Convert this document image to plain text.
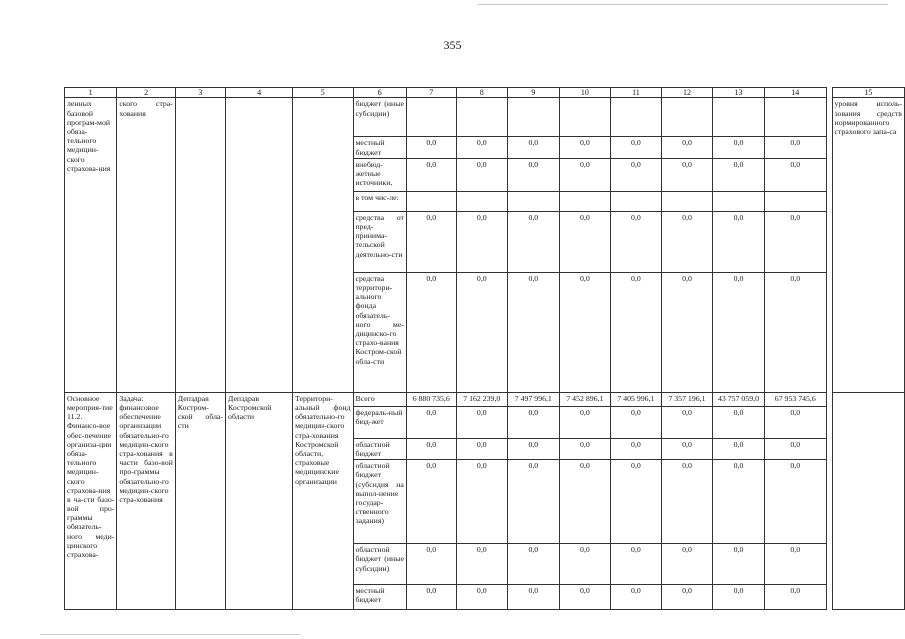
355
1	2	3	4	5	6	7	8	9	10	11	12	13	14		15
ленных базовой програм-мой обяза-тельного медицин-ского страхова-ния	ского стра-хования				бюджет (иные субсидии)										уровня исполь-зования средств нормированного страхового запа-са
					местный бюджет	0,0	0,0	0,0	0,0	0,0	0,0	0,0	0,0		
					внебюд-жетные источники,	0,0	0,0	0,0	0,0	0,0	0,0	0,0	0,0		
					в том чис-ле:										
					средства от пред-принима-тельской деятельно-сти	0,0	0,0	0,0	0,0	0,0	0,0	0,0	0,0		
					средства территори-ального фонда обязатель-ного ме-дицинско-го страхо-вания Костром-ской обла-сти	0,0	0,0	0,0	0,0	0,0	0,0	0,0	0,0		
Основное мероприя-тие 11.2. Финансо-вое обес-печение организа-ции обяза-тельного медицин-ского страхова-ния в ча-сти базо-вой про-граммы обязатель-ного меди-цинского страхова-	Задача: финансовое обеспечение организации обязательно-го медицин-ского стра-хования в части базо-вой про-граммы обязательно-го медицин-ского стра-хования	Депздрав Костром-ской обла-сти	Депздрав Костромской области	Территори-альный фонд обязательно-го медицин-ского стра-хования Костромской области, страховые медицинские организации	Всего	6 880 735,6	7 162 239,0	7 497 996,1	7 452 896,1	7 405 996,1	7 357 196,1	43 757 059,0	67 953 745,6		
					федераль-ный бюд-жет	0,0	0,0	0,0	0,0	0,0	0,0	0,0	0,0		
					областной бюджет	0,0	0,0	0,0	0,0	0,0	0,0	0,0	0,0		
					областной бюджет (субсидия на выпол-нение государ-ственного задания)	0,0	0,0	0,0	0,0	0,0	0,0	0,0	0,0		
					областной бюджет (иные субсидии)	0,0	0,0	0,0	0,0	0,0	0,0	0,0	0,0		
					местный бюджет	0,0	0,0	0,0	0,0	0,0	0,0	0,0	0,0		
